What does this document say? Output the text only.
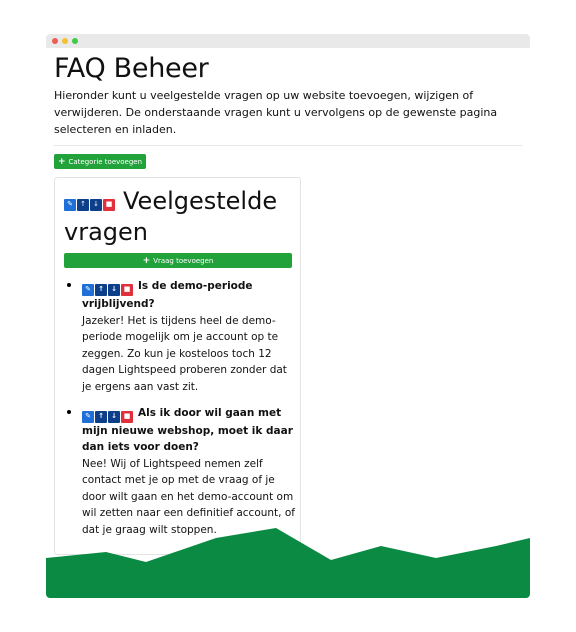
FAQ Beheer

Hieronder kunt u veelgestelde vragen op uw website toevoegen, wijzigen of verwijderen. De onderstaande vragen kunt u vervolgens op de gewenste pagina selecteren en inladen.

+ Categorie toevoegen
✎	↑	↓ ■ Veelgestelde vragen
+ Vraag toevoegen
✎	↑	↓ ■ Is de demo-periode vrijblijvend?

Jazeker! Het is tijdens heel de demo-periode mogelijk om je account op te zeggen. Zo kun je kosteloos toch 12 dagen Lightspeed proberen zonder dat je ergens aan vast zit.

✎	↑	↓ ■ Als ik door wil gaan met mijn nieuwe webshop, moet ik daar dan iets voor doen?

Nee! Wij of Lightspeed nemen zelf contact met je op met de vraag of je door wilt gaan en het demo-account om wil zetten naar een definitief account, of dat je graag wilt stoppen.
